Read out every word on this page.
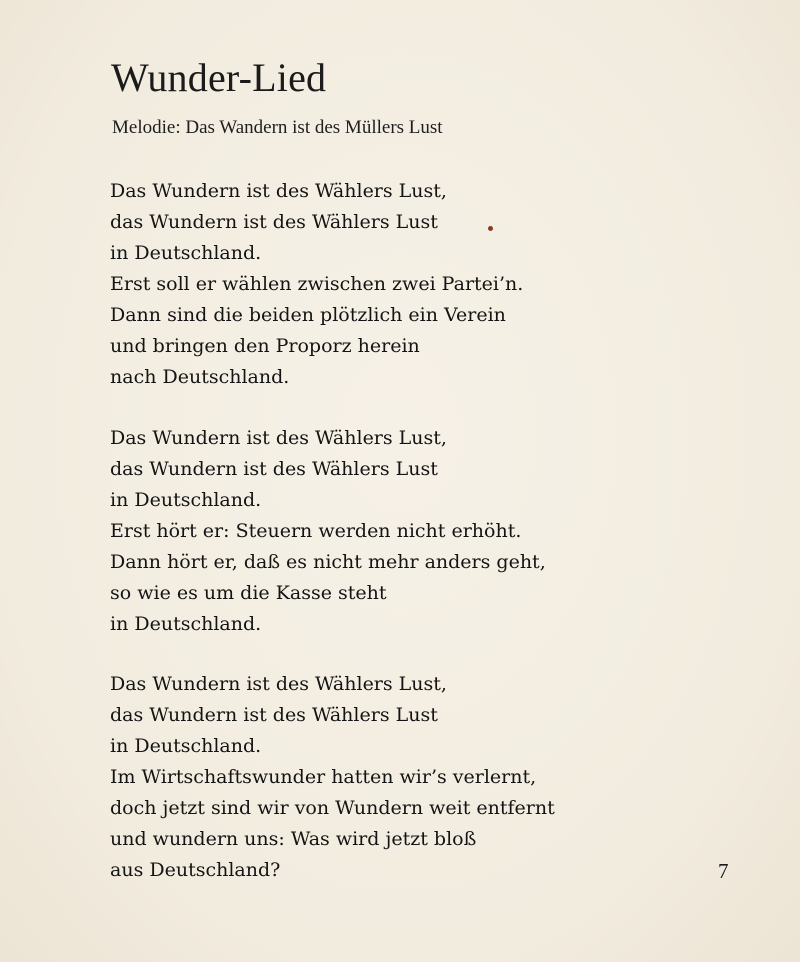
Wunder-Lied
Melodie: Das Wandern ist des Müllers Lust
Das Wundern ist des Wählers Lust,
das Wundern ist des Wählers Lust
in Deutschland.
Erst soll er wählen zwischen zwei Partei’n.
Dann sind die beiden plötzlich ein Verein
und bringen den Proporz herein
nach Deutschland.
Das Wundern ist des Wählers Lust,
das Wundern ist des Wählers Lust
in Deutschland.
Erst hört er: Steuern werden nicht erhöht.
Dann hört er, daß es nicht mehr anders geht,
so wie es um die Kasse steht
in Deutschland.
Das Wundern ist des Wählers Lust,
das Wundern ist des Wählers Lust
in Deutschland.
Im Wirtschaftswunder hatten wir’s verlernt,
doch jetzt sind wir von Wundern weit entfernt
und wundern uns: Was wird jetzt bloß
aus Deutschland?	7
